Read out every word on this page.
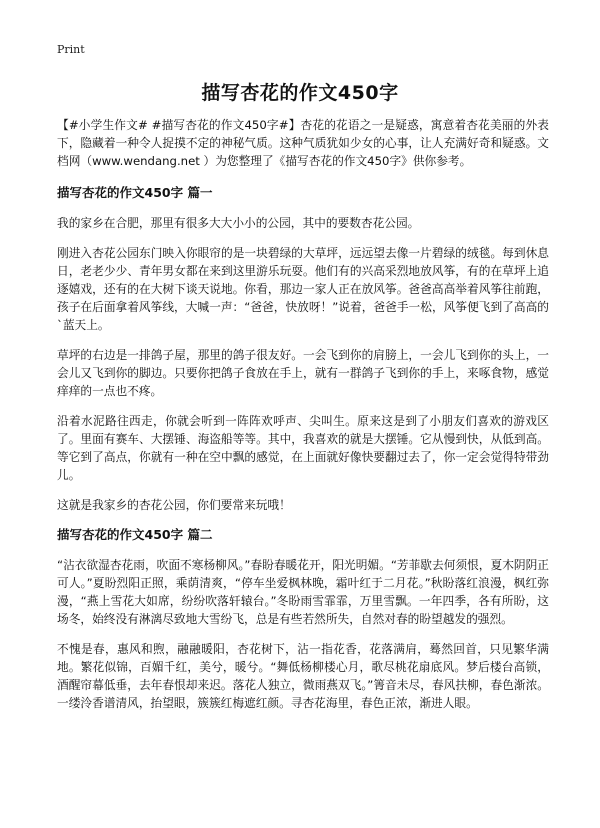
Print
描写杏花的作文450字

【#小学生作文# #描写杏花的作文450字#】杏花的花语之一是疑惑，寓意着杏花美丽的外表下，隐藏着一种令人捉摸不定的神秘气质。这种气质犹如少女的心事，让人充满好奇和疑惑。文档网（www.wendang.net ）为您整理了《描写杏花的作文450字》供你参考。

描写杏花的作文450字 篇一

我的家乡在合肥，那里有很多大大小小的公园，其中的要数杏花公园。

刚进入杏花公园东门映入你眼帘的是一块碧绿的大草坪，远远望去像一片碧绿的绒毯。每到休息日，老老少少、青年男女都在来到这里游乐玩耍。他们有的兴高采烈地放风筝，有的在草坪上追逐嬉戏，还有的在大树下谈天说地。你看，那边一家人正在放风筝。爸爸高高举着风筝往前跑，孩子在后面拿着风筝线，大喊一声：“爸爸，快放呀！”说着，爸爸手一松，风筝便飞到了高高的`蓝天上。

草坪的右边是一排鸽子屋，那里的鸽子很友好。一会飞到你的肩膀上，一会儿飞到你的头上，一会儿又飞到你的脚边。只要你把鸽子食放在手上，就有一群鸽子飞到你的手上，来啄食物，感觉痒痒的一点也不疼。

沿着水泥路往西走，你就会听到一阵阵欢呼声、尖叫生。原来这是到了小朋友们喜欢的游戏区了。里面有赛车、大摆锤、海盗船等等。其中，我喜欢的就是大摆锤。它从慢到快，从低到高。等它到了高点，你就有一种在空中飘的感觉，在上面就好像快要翻过去了，你一定会觉得特带劲儿。

这就是我家乡的杏花公园，你们要常来玩哦！

描写杏花的作文450字 篇二

“沾衣欲湿杏花雨，吹面不寒杨柳风。”春盼春暖花开，阳光明媚。“芳菲歇去何须恨，夏木阴阴正可人。”夏盼烈阳正照，乘荫清爽，“停车坐爱枫林晚，霜叶红于二月花。”秋盼落红浪漫，枫红弥漫，“燕上雪花大如席，纷纷吹落轩辕台。”冬盼雨雪霏霏，万里雪飘。一年四季，各有所盼，这场冬，始终没有淋漓尽致地大雪纷飞，总是有些若然所失，自然对春的盼望越发的强烈。

不愧是春，惠风和煦，融融暖阳，杏花树下，沾一指花香，花落满肩，蓦然回首，只见繁华满地。繁花似锦，百媚千红，美兮，暖兮。“舞低杨柳楼心月，歌尽桃花扇底风。梦后楼台高锁，酒醒帘幕低垂，去年春恨却来迟。落花人独立，微雨燕双飞。”箐音未尽，春风扶柳，春色渐浓。一缕泠香谱清风，抬望眼，簇簇红梅遮红颜。寻杏花海里，春色正浓，渐进人眼。
